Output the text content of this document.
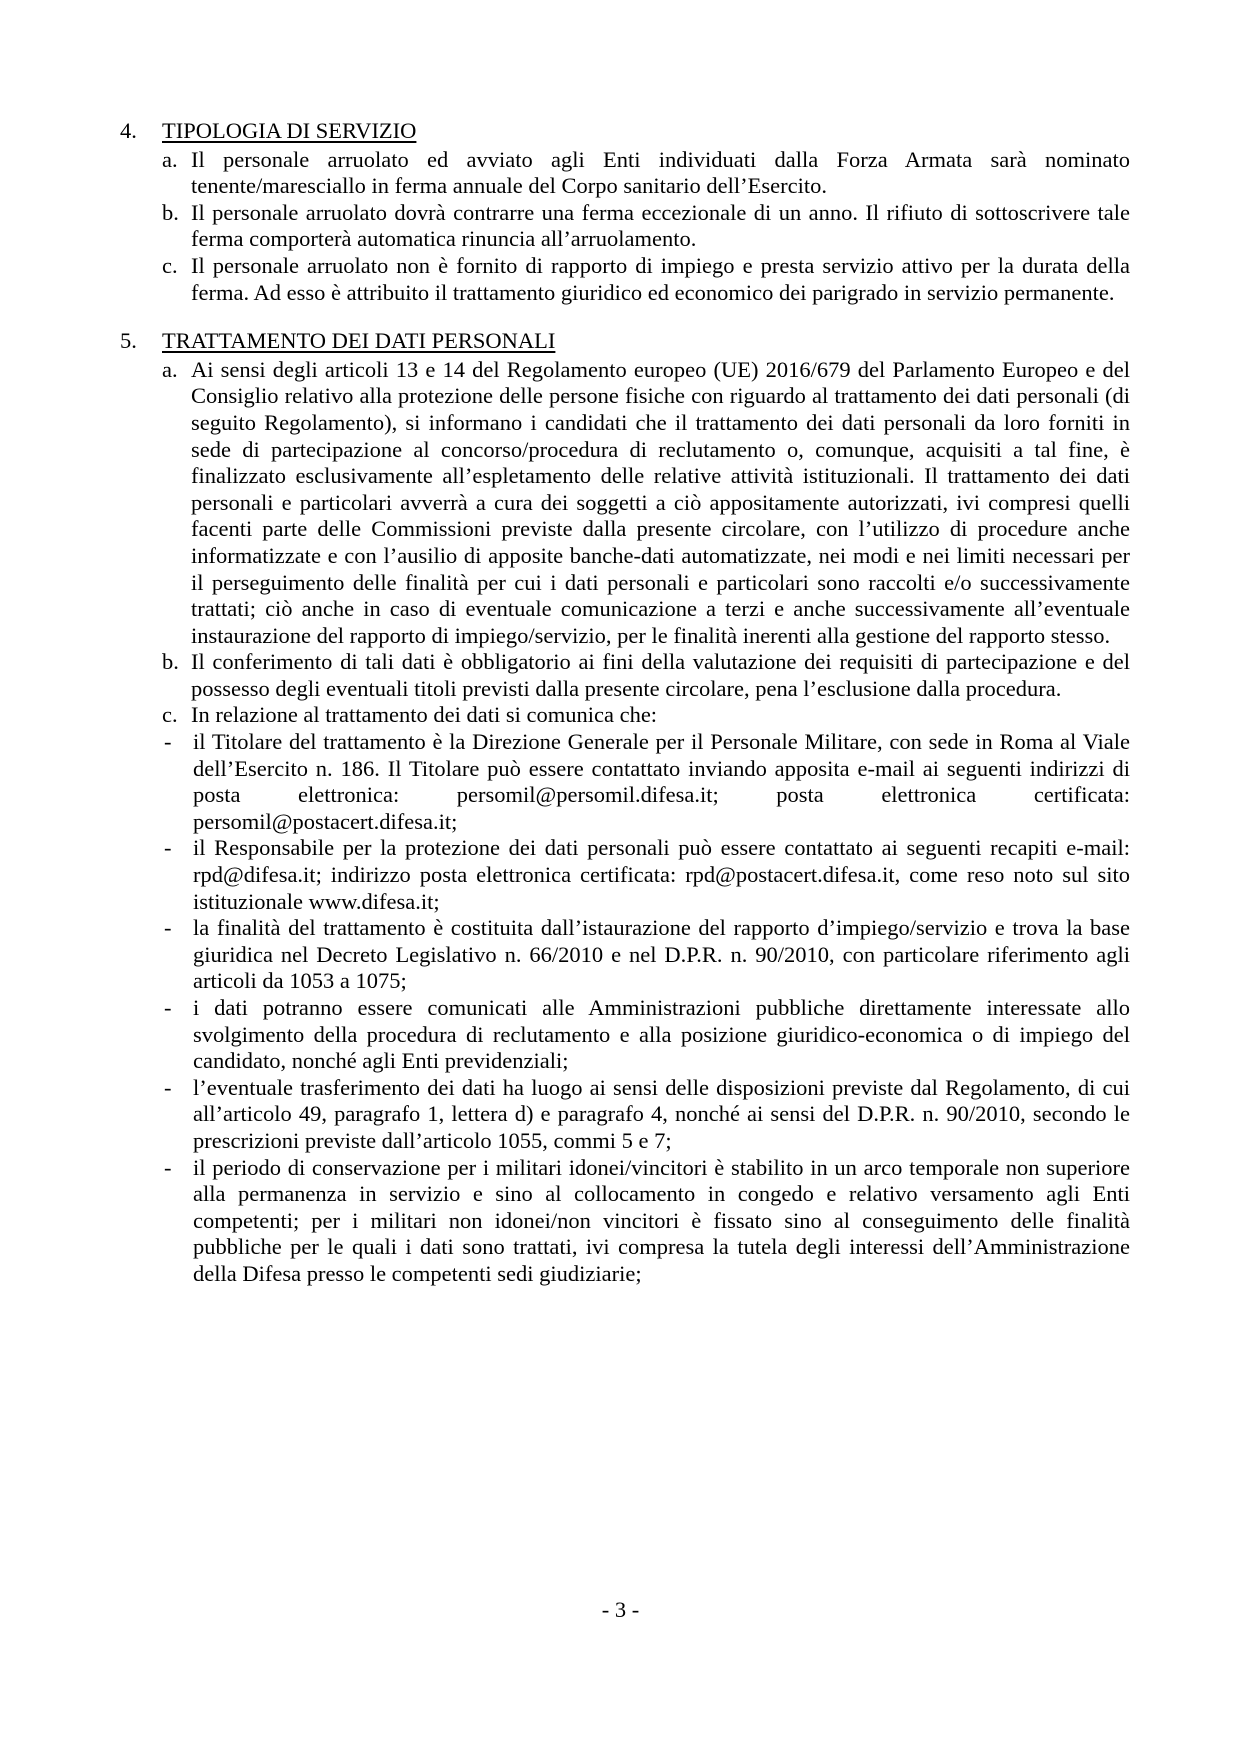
4.	TIPOLOGIA DI SERVIZIO
a. Il personale arruolato ed avviato agli Enti individuati dalla Forza Armata sarà nominato tenente/maresciallo in ferma annuale del Corpo sanitario dell’Esercito.
b. Il personale arruolato dovrà contrarre una ferma eccezionale di un anno. Il rifiuto di sottoscrivere tale ferma comporterà automatica rinuncia all’arruolamento.
c. Il personale arruolato non è fornito di rapporto di impiego e presta servizio attivo per la durata della ferma. Ad esso è attribuito il trattamento giuridico ed economico dei parigrado in servizio permanente.
5.	TRATTAMENTO DEI DATI PERSONALI
a. Ai sensi degli articoli 13 e 14 del Regolamento europeo (UE) 2016/679 del Parlamento Europeo e del Consiglio relativo alla protezione delle persone fisiche con riguardo al trattamento dei dati personali (di seguito Regolamento), si informano i candidati che il trattamento dei dati personali da loro forniti in sede di partecipazione al concorso/procedura di reclutamento o, comunque, acquisiti a tal fine, è finalizzato esclusivamente all’espletamento delle relative attività istituzionali. Il trattamento dei dati personali e particolari avverrà a cura dei soggetti a ciò appositamente autorizzati, ivi compresi quelli facenti parte delle Commissioni previste dalla presente circolare, con l’utilizzo di procedure anche informatizzate e con l’ausilio di apposite banche-dati automatizzate, nei modi e nei limiti necessari per il perseguimento delle finalità per cui i dati personali e particolari sono raccolti e/o successivamente trattati; ciò anche in caso di eventuale comunicazione a terzi e anche successivamente all’eventuale instaurazione del rapporto di impiego/servizio, per le finalità inerenti alla gestione del rapporto stesso.
b. Il conferimento di tali dati è obbligatorio ai fini della valutazione dei requisiti di partecipazione e del possesso degli eventuali titoli previsti dalla presente circolare, pena l’esclusione dalla procedura.
c. In relazione al trattamento dei dati si comunica che:
- il Titolare del trattamento è la Direzione Generale per il Personale Militare, con sede in Roma al Viale dell’Esercito n. 186. Il Titolare può essere contattato inviando apposita e-mail ai seguenti indirizzi di posta elettronica: persomil@persomil.difesa.it; posta elettronica certificata: persomil@postacert.difesa.it;
- il Responsabile per la protezione dei dati personali può essere contattato ai seguenti recapiti e-mail: rpd@difesa.it; indirizzo posta elettronica certificata: rpd@postacert.difesa.it, come reso noto sul sito istituzionale www.difesa.it;
- la finalità del trattamento è costituita dall’istaurazione del rapporto d’impiego/servizio e trova la base giuridica nel Decreto Legislativo n. 66/2010 e nel D.P.R. n. 90/2010, con particolare riferimento agli articoli da 1053 a 1075;
- i dati potranno essere comunicati alle Amministrazioni pubbliche direttamente interessate allo svolgimento della procedura di reclutamento e alla posizione giuridico-economica o di impiego del candidato, nonché agli Enti previdenziali;
- l’eventuale trasferimento dei dati ha luogo ai sensi delle disposizioni previste dal Regolamento, di cui all’articolo 49, paragrafo 1, lettera d) e paragrafo 4, nonché ai sensi del D.P.R. n. 90/2010, secondo le prescrizioni previste dall’articolo 1055, commi 5 e 7;
- il periodo di conservazione per i militari idonei/vincitori è stabilito in un arco temporale non superiore alla permanenza in servizio e sino al collocamento in congedo e relativo versamento agli Enti competenti; per i militari non idonei/non vincitori è fissato sino al conseguimento delle finalità pubbliche per le quali i dati sono trattati, ivi compresa la tutela degli interessi dell’Amministrazione della Difesa presso le competenti sedi giudiziarie;
- 3 -
